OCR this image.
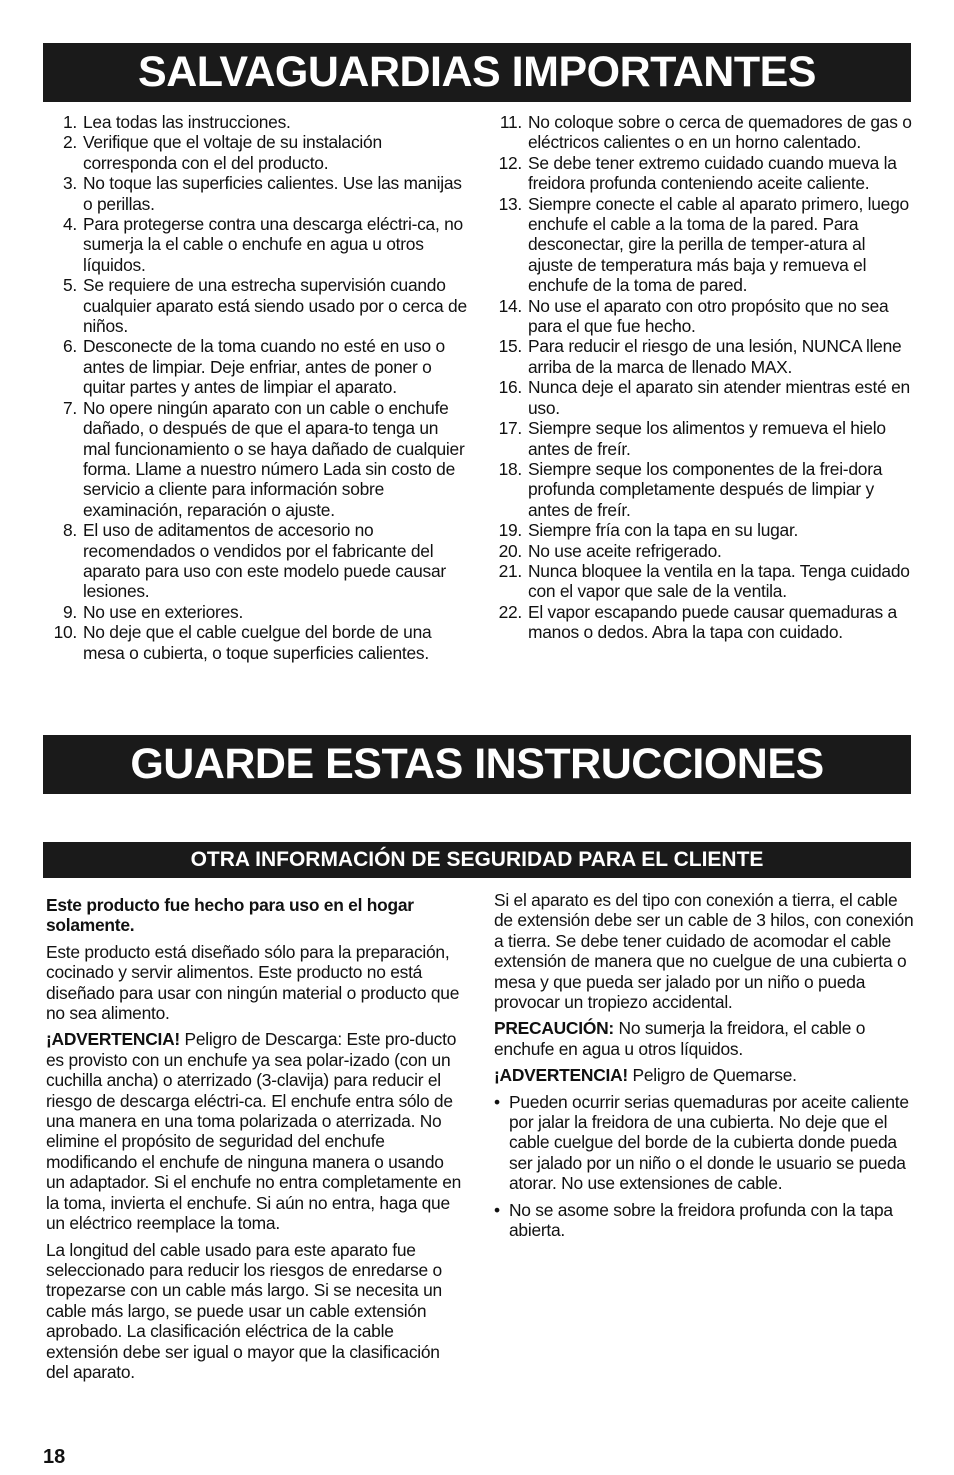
SALVAGUARDIAS IMPORTANTES
1. Lea todas las instrucciones.
2. Verifique que el voltaje de su instalación corresponda con el del producto.
3. No toque las superficies calientes. Use las manijas o perillas.
4. Para protegerse contra una descarga eléctri-ca, no sumerja la el cable o enchufe en agua u otros líquidos.
5. Se requiere de una estrecha supervisión cuando cualquier aparato está siendo usado por o cerca de niños.
6. Desconecte de la toma cuando no esté en uso o antes de limpiar. Deje enfriar, antes de poner o quitar partes y antes de limpiar el aparato.
7. No opere ningún aparato con un cable o enchufe dañado, o después de que el apara-to tenga un mal funcionamiento o se haya dañado de cualquier forma. Llame a nuestro número Lada sin costo de servicio a cliente para información sobre examinación, reparación o ajuste.
8. El uso de aditamentos de accesorio no recomendados o vendidos por el fabricante del aparato para uso con este modelo puede causar lesiones.
9. No use en exteriores.
10. No deje que el cable cuelgue del borde de una mesa o cubierta, o toque superficies calientes.
11. No coloque sobre o cerca de quemadores de gas o eléctricos calientes o en un horno calentado.
12. Se debe tener extremo cuidado cuando mueva la freidora profunda conteniendo aceite caliente.
13. Siempre conecte el cable al aparato primero, luego enchufe el cable a la toma de la pared. Para desconectar, gire la perilla de temper-atura al ajuste de temperatura más baja y remueva el enchufe de la toma de pared.
14. No use el aparato con otro propósito que no sea para el que fue hecho.
15. Para reducir el riesgo de una lesión, NUNCA llene arriba de la marca de llenado MAX.
16. Nunca deje el aparato sin atender mientras esté en uso.
17. Siempre seque los alimentos y remueva el hielo antes de freír.
18. Siempre seque los componentes de la frei-dora profunda completamente después de limpiar y antes de freír.
19. Siempre fría con la tapa en su lugar.
20. No use aceite refrigerado.
21. Nunca bloquee la ventila en la tapa. Tenga cuidado con el vapor que sale de la ventila.
22. El vapor escapando puede causar quemaduras a manos o dedos. Abra la tapa con cuidado.
GUARDE ESTAS INSTRUCCIONES
OTRA INFORMACIÓN DE SEGURIDAD PARA EL CLIENTE

Este producto fue hecho para uso en el hogar solamente.

Este producto está diseñado sólo para la preparación, cocinado y servir alimentos. Este producto no está diseñado para usar con ningún material o producto que no sea alimento.

¡ADVERTENCIA! Peligro de Descarga: Este pro-ducto es provisto con un enchufe ya sea polar-izado (con un cuchilla ancha) o aterrizado (3-clavija) para reducir el riesgo de descarga eléctri-ca. El enchufe entra sólo de una manera en una toma polarizada o aterrizada. No elimine el propósito de seguridad del enchufe modificando el enchufe de ninguna manera o usando un adaptador. Si el enchufe no entra completamente en la toma, invierta el enchufe. Si aún no entra, haga que un eléctrico reemplace la toma.

La longitud del cable usado para este aparato fue seleccionado para reducir los riesgos de enredarse o tropezarse con un cable más largo. Si se necesita un cable más largo, se puede usar un cable extensión aprobado. La clasificación eléctrica de la cable extensión debe ser igual o mayor que la clasificación del aparato.

Si el aparato es del tipo con conexión a tierra, el cable de extensión debe ser un cable de 3 hilos, con conexión a tierra. Se debe tener cuidado de acomodar el cable extensión de manera que no cuelgue de una cubierta o mesa y que pueda ser jalado por un niño o pueda provocar un tropiezo accidental.

PRECAUCIÓN: No sumerja la freidora, el cable o enchufe en agua u otros líquidos.

¡ADVERTENCIA! Peligro de Quemarse.

• Pueden ocurrir serias quemaduras por aceite caliente por jalar la freidora de una cubierta. No deje que el cable cuelgue del borde de la cubierta donde pueda ser jalado por un niño o el donde le usuario se pueda atorar. No use extensiones de cable.
• No se asome sobre la freidora profunda con la tapa abierta.
18
